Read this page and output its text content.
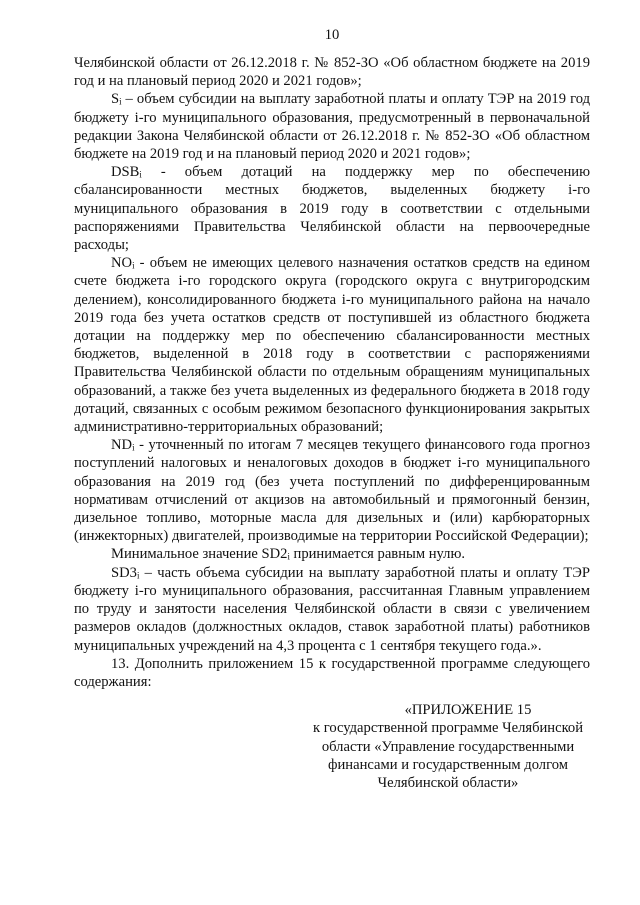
10

Челябинской области от 26.12.2018 г. № 852-ЗО «Об областном бюджете на 2019 год и на плановый период 2020 и 2021 годов»;

Sᵢ – объем субсидии на выплату заработной платы и оплату ТЭР на 2019 год бюджету i-го муниципального образования, предусмотренный в первоначальной редакции Закона Челябинской области от 26.12.2018 г. № 852-ЗО «Об областном бюджете на 2019 год и на плановый период 2020 и 2021 годов»;

DSBᵢ - объем дотаций на поддержку мер по обеспечению сбалансированности местных бюджетов, выделенных бюджету i-го муниципального образования в 2019 году в соответствии с отдельными распоряжениями Правительства Челябинской области на первоочередные расходы;

NOᵢ - объем не имеющих целевого назначения остатков средств на едином счете бюджета i-го городского округа (городского округа с внутригородским делением), консолидированного бюджета i-го муниципального района на начало 2019 года без учета остатков средств от поступившей из областного бюджета дотации на поддержку мер по обеспечению сбалансированности местных бюджетов, выделенной в 2018 году в соответствии с распоряжениями Правительства Челябинской области по отдельным обращениям муниципальных образований, а также без учета выделенных из федерального бюджета в 2018 году дотаций, связанных с особым режимом безопасного функционирования закрытых административно-территориальных образований;

NDᵢ - уточненный по итогам 7 месяцев текущего финансового года прогноз поступлений налоговых и неналоговых доходов в бюджет i-го муниципального образования на 2019 год (без учета поступлений по дифференцированным нормативам отчислений от акцизов на автомобильный и прямогонный бензин, дизельное топливо, моторные масла для дизельных и (или) карбюраторных (инжекторных) двигателей, производимые на территории Российской Федерации);

Минимальное значение SD2ᵢ принимается равным нулю.

SD3ᵢ – часть объема субсидии на выплату заработной платы и оплату ТЭР бюджету i-го муниципального образования, рассчитанная Главным управлением по труду и занятости населения Челябинской области в связи с увеличением размеров окладов (должностных окладов, ставок заработной платы) работников муниципальных учреждений на 4,3 процента с 1 сентября текущего года.».

13. Дополнить приложением 15 к государственной программе следующего содержания:

«ПРИЛОЖЕНИЕ 15
к государственной программе Челябинской
области «Управление государственными
финансами и государственным долгом
Челябинской области»
